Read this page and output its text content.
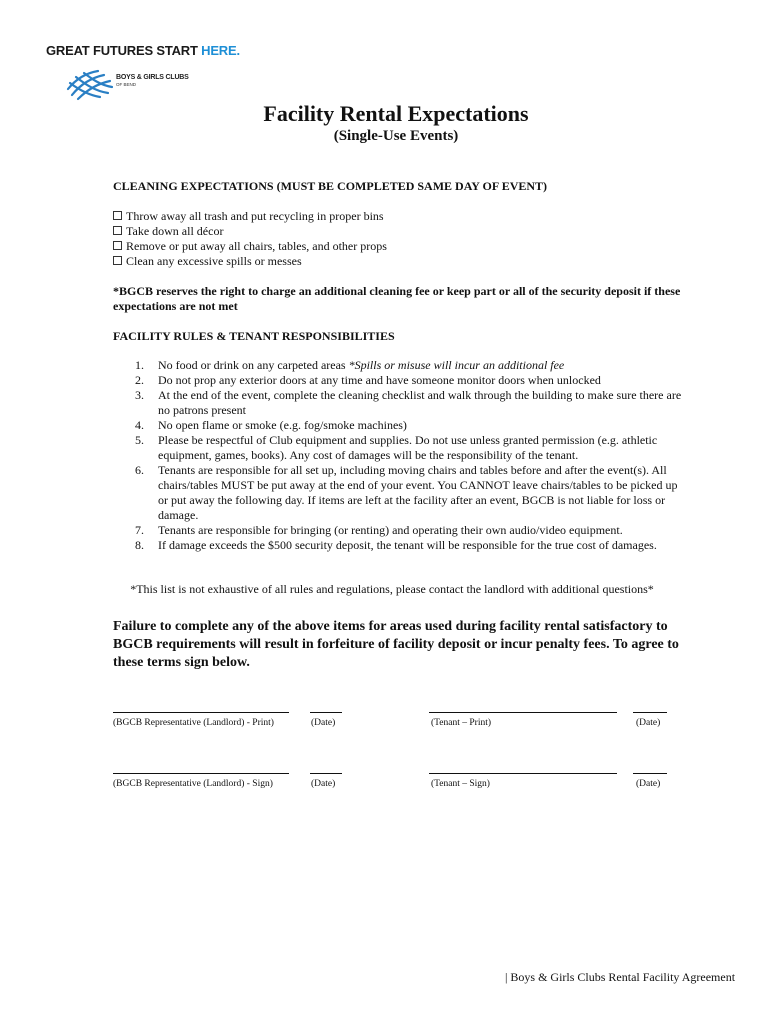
GREAT FUTURES START HERE.
BOYS & GIRLS CLUBS
OF BEND
Facility Rental Expectations
(Single-Use Events)
CLEANING EXPECTATIONS (MUST BE COMPLETED SAME DAY OF EVENT)
Throw away all trash and put recycling in proper bins
Take down all décor
Remove or put away all chairs, tables, and other props
Clean any excessive spills or messes
*BGCB reserves the right to charge an additional cleaning fee or keep part or all of the security deposit if these expectations are not met
FACILITY RULES & TENANT RESPONSIBILITIES
1. No food or drink on any carpeted areas *Spills or misuse will incur an additional fee
2. Do not prop any exterior doors at any time and have someone monitor doors when unlocked
3. At the end of the event, complete the cleaning checklist and walk through the building to make sure there are no patrons present
4. No open flame or smoke (e.g. fog/smoke machines)
5. Please be respectful of Club equipment and supplies. Do not use unless granted permission (e.g. athletic equipment, games, books). Any cost of damages will be the responsibility of the tenant.
6. Tenants are responsible for all set up, including moving chairs and tables before and after the event(s). All chairs/tables MUST be put away at the end of your event. You CANNOT leave chairs/tables to be picked up or put away the following day. If items are left at the facility after an event, BGCB is not liable for loss or damage.
7. Tenants are responsible for bringing (or renting) and operating their own audio/video equipment.
8. If damage exceeds the $500 security deposit, the tenant will be responsible for the true cost of damages.
*This list is not exhaustive of all rules and regulations, please contact the landlord with additional questions*
Failure to complete any of the above items for areas used during facility rental satisfactory to BGCB requirements will result in forfeiture of facility deposit or incur penalty fees. To agree to these terms sign below.
(BGCB Representative (Landlord) - Print)	(Date)	(Tenant – Print)	(Date)
(BGCB Representative (Landlord) - Sign)	(Date)	(Tenant – Sign)	(Date)
| Boys & Girls Clubs Rental Facility Agreement
